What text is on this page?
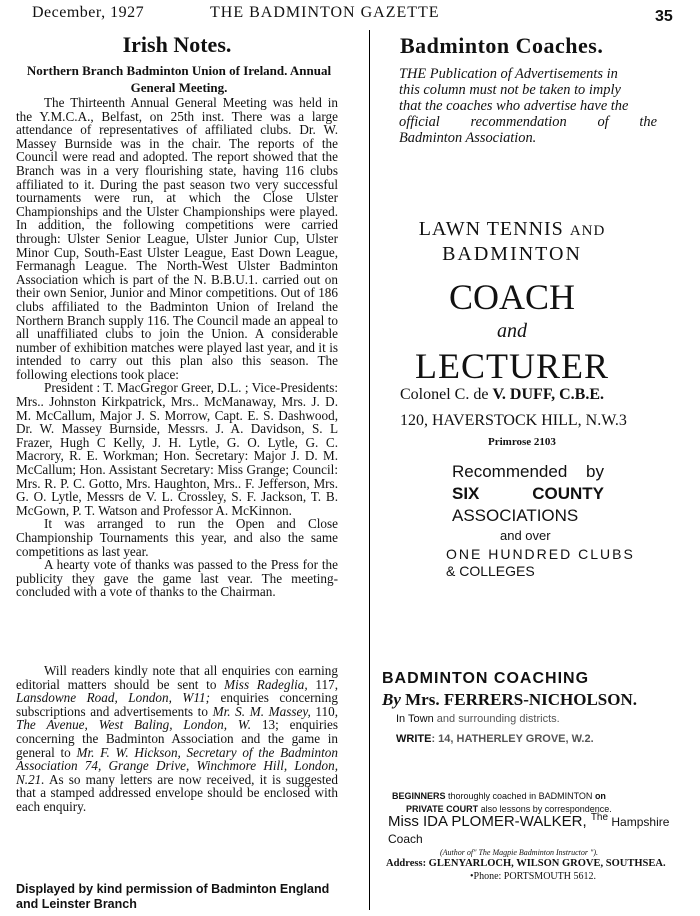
December, 1927	THE BADMINTON GAZETTE	35
Irish Notes.
Northern Branch Badminton Union of Ireland. Annual General Meeting.

The Thirteenth Annual General Meeting was held in the Y.M.C.A., Belfast, on 25th inst. There was a large attendance of representatives of affiliated clubs. Dr. W. Massey Burnside was in the chair. The reports of the Council were read and adopted. The report showed that the Branch was in a very flourishing state, having 116 clubs affiliated to it. During the past season two very successful tournaments were run, at which the Close Ulster Championships and the Ulster Championships were played. In addition, the following competitions were carried through: Ulster Senior League, Ulster Junior Cup, Ulster Minor Cup, South-East Ulster League, East Down League, Fermanagh League. The North-West Ulster Badminton Association which is part of the N. B.B.U.1. carried out on their own Senior, Junior and Minor competitions. Out of 186 clubs affiliated to the Badminton Union of Ireland the Northern Branch supply 116. The Council made an appeal to all unaffiliated clubs to join the Union. A considerable number of exhibition matches were played last year, and it is intended to carry out this plan also this season. The following elections took place:

President : T. MacGregor Greer, D.L. ; Vice-Presidents: Mrs.. Johnston Kirkpatrick, Mrs.. McManaway, Mrs. J. D. M. McCallum, Major J. S. Morrow, Capt. E. S. Dashwood, Dr. W. Massey Burnside, Messrs. J. A. Davidson, S. L Frazer, Hugh C Kelly, J. H. Lytle, G. O. Lytle, G. C. Macrory, R. E. Workman; Hon. Secretary: Major J. D. M. McCallum; Hon. Assistant Secretary: Miss Grange; Council: Mrs. R. P. C. Gotto, Mrs. Haughton, Mrs.. F. Jefferson, Mrs. G. O. Lytle, Messrs de V. L. Crossley, S. F. Jackson, T. B. McGown, P. T. Watson and Professor A. McKinnon.

It was arranged to run the Open and Close Championship Tournaments this year, and also the same competitions as last year.

A hearty vote of thanks was passed to the Press for the publicity they gave the game last vear. The meeting- concluded with a vote of thanks to the Chairman.

Will readers kindly note that all enquiries con earning editorial matters should be sent to Miss Radeglia, 117, Lansdowne Road, London, W11; enquiries concerning subscriptions and advertisements to Mr. S. M. Massey, 110, The Avenue, West Baling, London, W. 13; enquiries concerning the Badminton Association and the game in general to Mr. F. W. Hickson, Secretary of the Badminton Association 74, Grange Drive, Winchmore Hill, London, N.21. As so many letters are now received, it is suggested that a stamped addressed envelope should be enclosed with each enquiry.

Displayed by kind permission of Badminton England
and Leinster Branch
Badminton Coaches.
THE Publication of Advertisements in
this column must not be taken to imply
that the coaches who advertise have the
official recommendation of the
Badminton Association.
LAWN TENNIS AND
BADMINTON
COACH
and
LECTURER
Colonel C. de V. DUFF, C.B.E.
120, HAVERSTOCK HILL, N.W.3
Primrose 2103
Recommended by
SIX	COUNTY
ASSOCIATIONS
and over
ONE HUNDRED CLUBS
& COLLEGES
BADMINTON COACHING
By Mrs. FERRERS-NICHOLSON.
In Town and surrounding districts.
WRITE: 14, HATHERLEY GROVE, W.2.
BEGINNERS thoroughly coached in BADMINTON on
PRIVATE COURT also lessons by correspondence.
Miss IDA PLOMER-WALKER, $^{The}$ Hampshire
Coach
(Author of" The Magpie Badminton Instructor ").
Address: GLENYARLOCH, WILSON GROVE, SOUTHSEA.
•Phone: PORTSMOUTH 5612.
